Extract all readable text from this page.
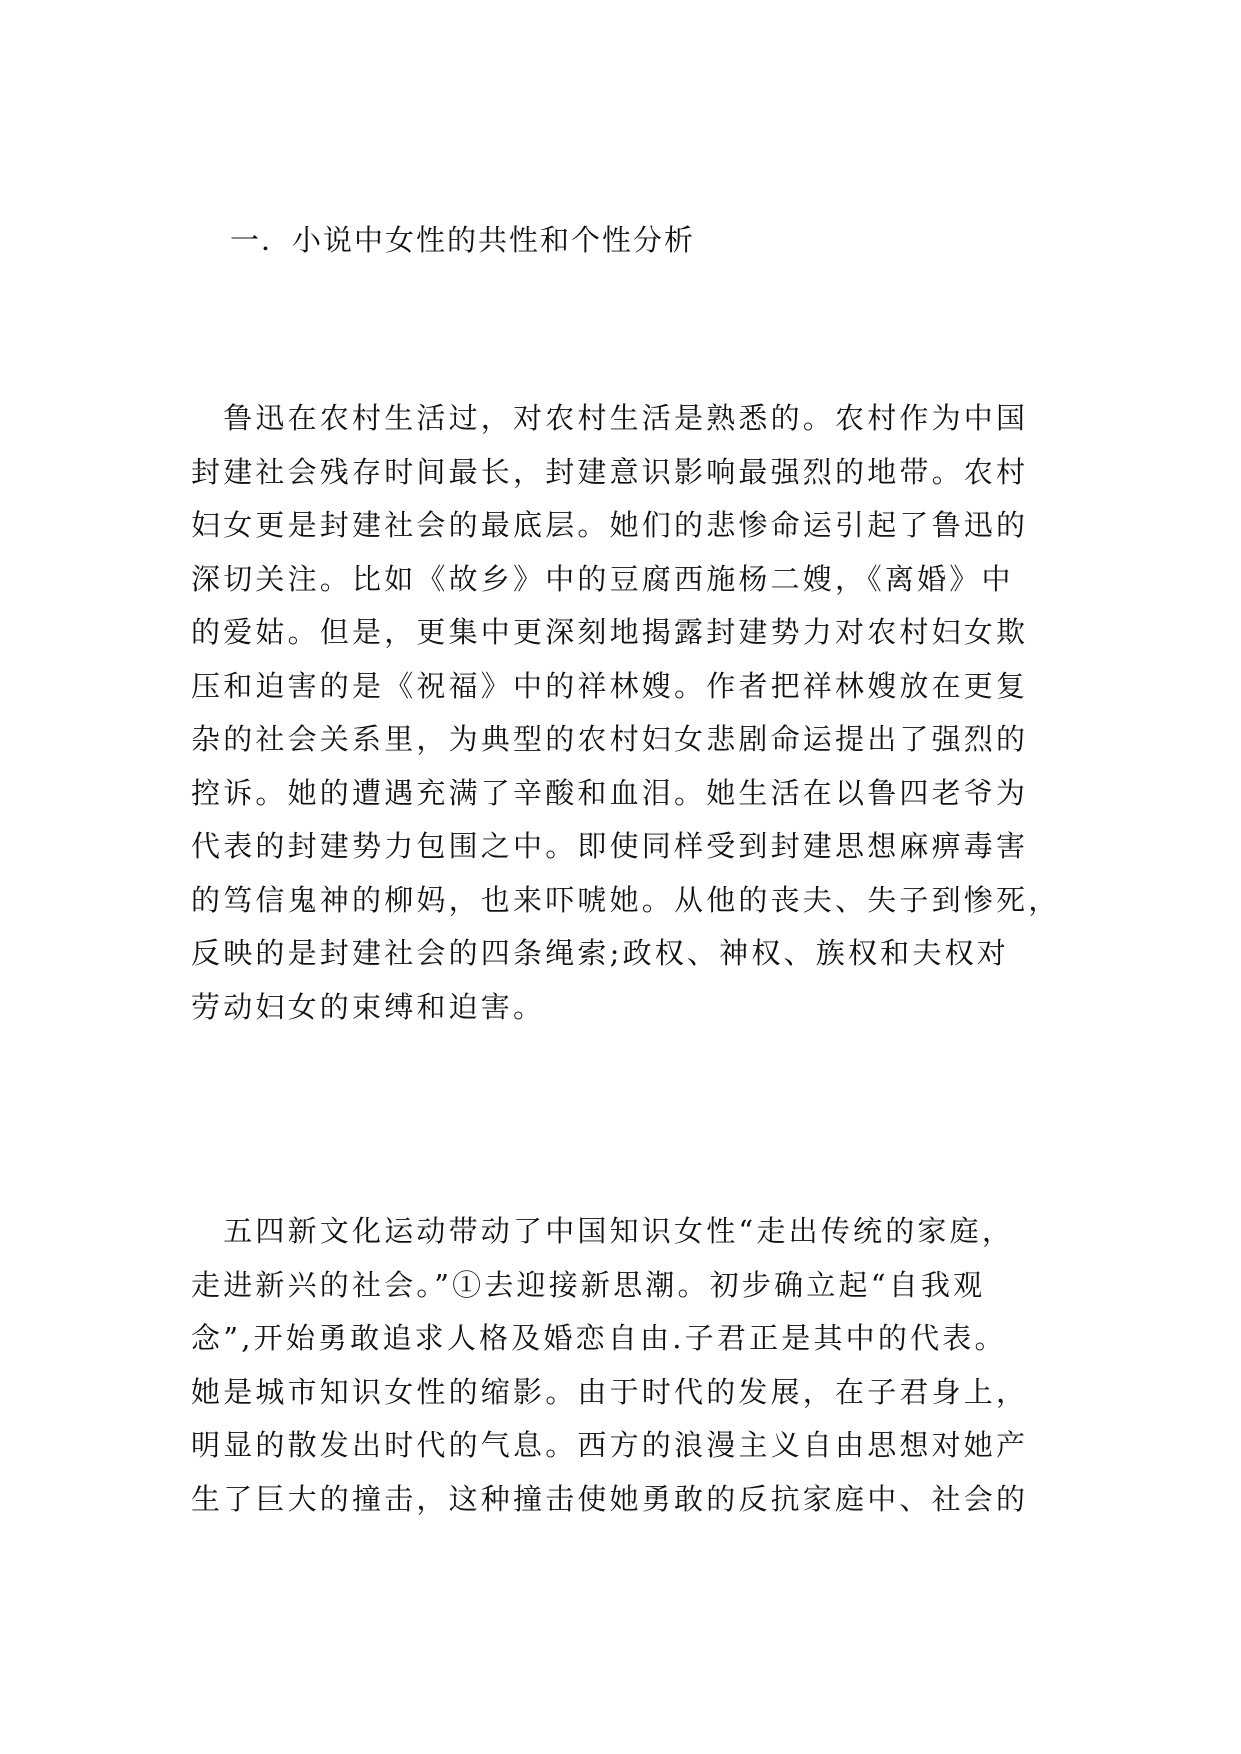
一．小说中女性的共性和个性分析
　鲁迅在农村生活过，对农村生活是熟悉的。农村作为中国
封建社会残存时间最长，封建意识影响最强烈的地带。农村
妇女更是封建社会的最底层。她们的悲惨命运引起了鲁迅的
深切关注。比如《故乡》中的豆腐西施杨二嫂，《离婚》中
的爱姑。但是，更集中更深刻地揭露封建势力对农村妇女欺
压和迫害的是《祝福》中的祥林嫂。作者把祥林嫂放在更复
杂的社会关系里，为典型的农村妇女悲剧命运提出了强烈的
控诉。她的遭遇充满了辛酸和血泪。她生活在以鲁四老爷为
代表的封建势力包围之中。即使同样受到封建思想麻痹毒害
的笃信鬼神的柳妈，也来吓唬她。从他的丧夫、失子到惨死，
反映的是封建社会的四条绳索;政权、神权、族权和夫权对
劳动妇女的束缚和迫害。
　五四新文化运动带动了中国知识女性“走出传统的家庭，
走进新兴的社会。”①去迎接新思潮。初步确立起“自我观
念”,开始勇敢追求人格及婚恋自由.子君正是其中的代表。
她是城市知识女性的缩影。由于时代的发展，在子君身上，
明显的散发出时代的气息。西方的浪漫主义自由思想对她产
生了巨大的撞击，这种撞击使她勇敢的反抗家庭中、社会的
